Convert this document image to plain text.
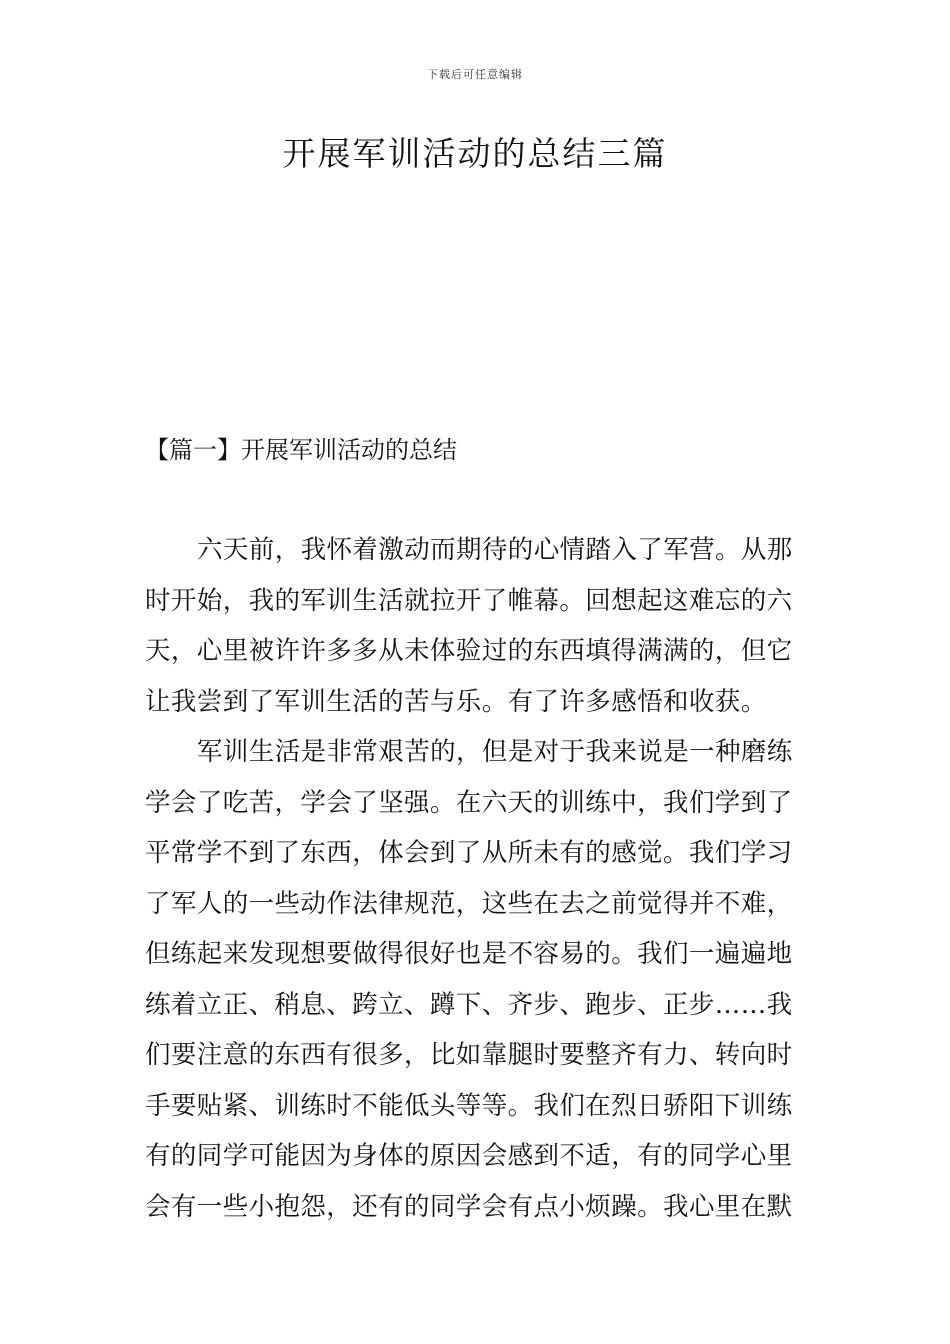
下载后可任意编辑
开展军训活动的总结三篇
【篇一】开展军训活动的总结
六天前，我怀着激动而期待的心情踏入了军营。从那
时开始，我的军训生活就拉开了帷幕。回想起这难忘的六
天，心里被许许多多从未体验过的东西填得满满的，但它
让我尝到了军训生活的苦与乐。有了许多感悟和收获。
军训生活是非常艰苦的，但是对于我来说是一种磨练
学会了吃苦，学会了坚强。在六天的训练中，我们学到了
平常学不到了东西，体会到了从所未有的感觉。我们学习
了军人的一些动作法律规范，这些在去之前觉得并不难，
但练起来发现想要做得很好也是不容易的。我们一遍遍地
练着立正、稍息、跨立、蹲下、齐步、跑步、正步……我
们要注意的东西有很多，比如靠腿时要整齐有力、转向时
手要贴紧、训练时不能低头等等。我们在烈日骄阳下训练
有的同学可能因为身体的原因会感到不适，有的同学心里
会有一些小抱怨，还有的同学会有点小烦躁。我心里在默
